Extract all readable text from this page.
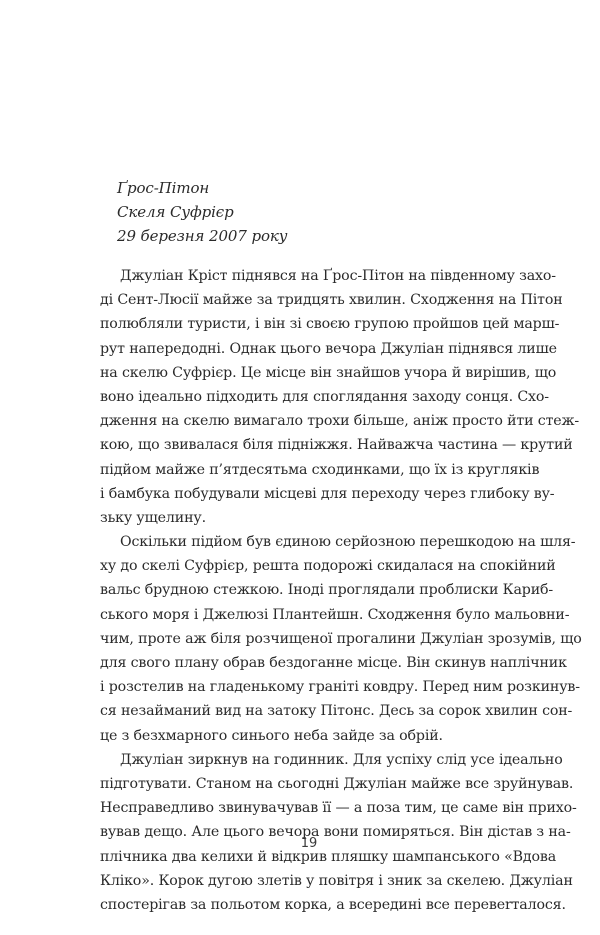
Ґрос-Пітон
Скеля Суфрієр
29 березня 2007 року
Джуліан Кріст піднявся на Ґрос-Пітон на південному захо-
ді Сент-Люсії майже за тридцять хвилин. Сходження на Пітон
полюбляли туристи, і він зі своєю групою пройшов цей марш-
рут напередодні. Однак цього вечора Джуліан піднявся лише
на скелю Суфрієр. Це місце він знайшов учора й вирішив, що
воно ідеально підходить для споглядання заходу сонця. Схо-
дження на скелю вимагало трохи більше, аніж просто йти стеж-
кою, що звивалася біля підніжжя. Найважча частина — крутий
підйом майже п’ятдесятьма сходинками, що їх із кругляків
і бамбука побудували місцеві для переходу через глибоку ву-
зьку ущелину.
Оскільки підйом був єдиною серйозною перешкодою на шля-
ху до скелі Суфрієр, решта подорожі скидалася на спокійний
вальс брудною стежкою. Іноді проглядали проблиски Кариб-
ського моря і Джелюзі Плантейшн. Сходження було мальовни-
чим, проте аж біля розчищеної прогалини Джуліан зрозумів, що
для свого плану обрав бездоганне місце. Він скинув наплічник
і розстелив на гладенькому граніті ковдру. Перед ним розкинув-
ся незайманий вид на затоку Пітонс. Десь за сорок хвилин сон-
це з безхмарного синього неба зайде за обрій.
Джуліан зиркнув на годинник. Для успіху слід усе ідеально
підготувати. Станом на сьогодні Джуліан майже все зруйнував.
Несправедливо звинувачував її — а поза тим, це саме він прихо-
вував дещо. Але цього вечора вони помиряться. Він дістав з на-
плічника два келихи й відкрив пляшку шампанського «Вдова
Кліко». Корок дугою злетів у повітря і зник за скелею. Джуліан
спостерігав за польотом корка, а всередині все перевerталося.
19
